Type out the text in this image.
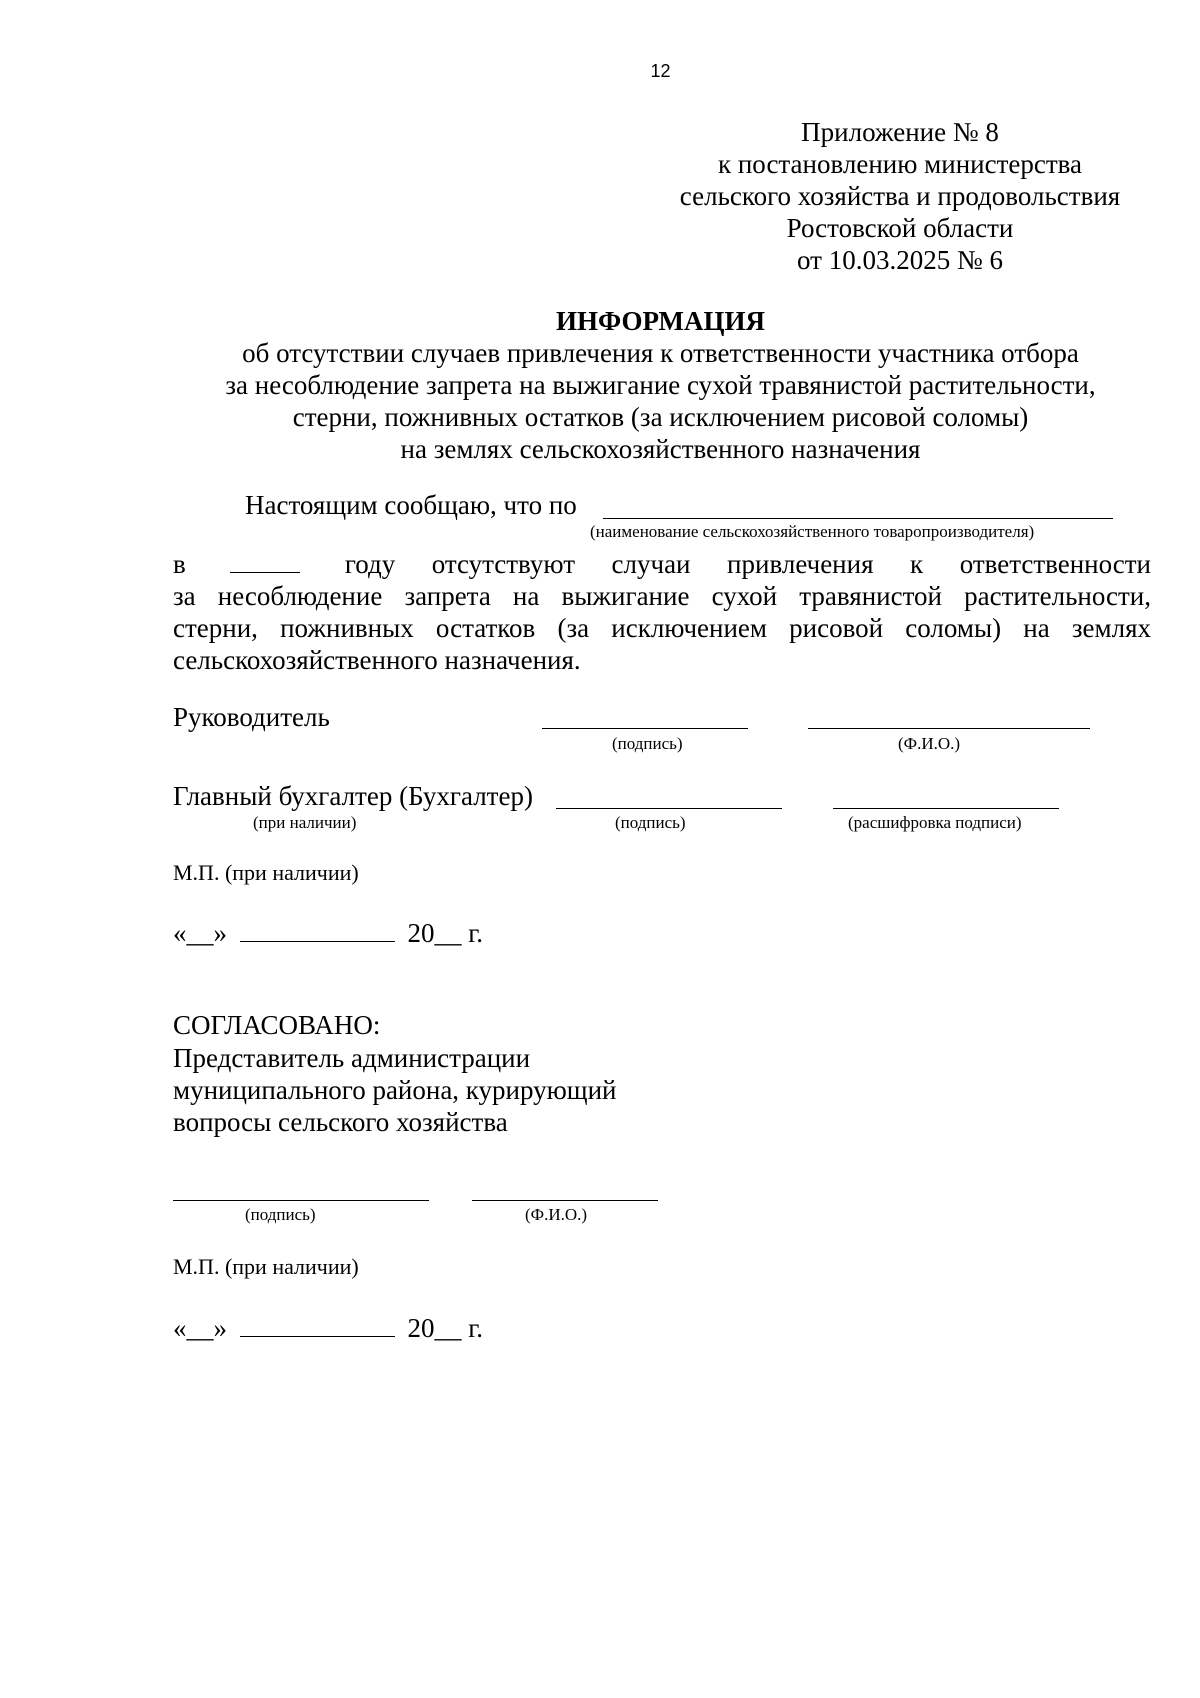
12
Приложение № 8
к постановлению министерства
сельского хозяйства и продовольствия
Ростовской области
от 10.03.2025 № 6
ИНФОРМАЦИЯ
об отсутствии случаев привлечения к ответственности участника отбора
за несоблюдение запрета на выжигание сухой травянистой растительности,
стерни, пожнивных остатков (за исключением рисовой соломы)
на землях сельскохозяйственного назначения
Настоящим сообщаю, что по
(наименование сельскохозяйственного товаропроизводителя)
в	году отсутствуют случаи привлечения к ответственности
за несоблюдение запрета на выжигание сухой травянистой растительности,
стерни, пожнивных остатков (за исключением рисовой соломы) на землях
сельскохозяйственного назначения.
Руководитель
(подпись)	(Ф.И.О.)
Главный бухгалтер (Бухгалтер)
(при наличии)	(подпись)	(расшифровка подписи)
М.П. (при наличии)
«__»	20__ г.
СОГЛАСОВАНО:
Представитель администрации
муниципального района, курирующий
вопросы сельского хозяйства
(подпись)	(Ф.И.О.)
М.П. (при наличии)
«__»	20__ г.
